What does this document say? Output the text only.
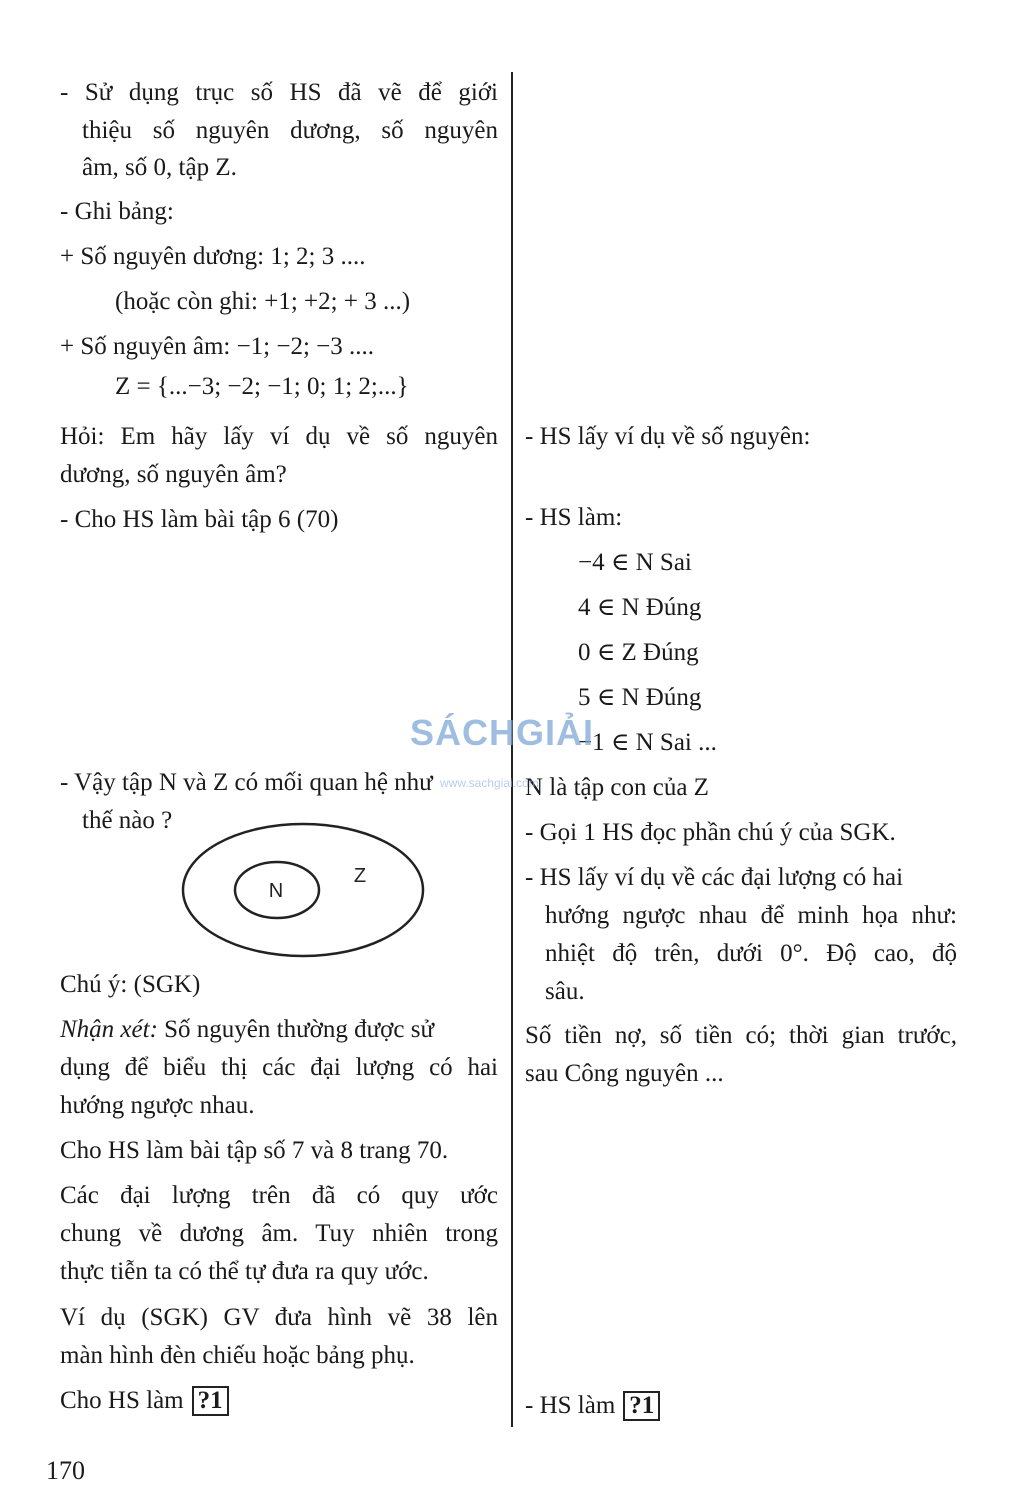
- Sử dụng trục số HS đã vẽ để giới
thiệu số nguyên dương, số nguyên
âm, số 0, tập Z.
- Ghi bảng:
+ Số nguyên dương: 1; 2; 3 ....
(hoặc còn ghi: +1; +2; + 3 ...)
+ Số nguyên âm: −1; −2; −3 ....
Z = {...−3; −2; −1; 0; 1; 2;...}
Hỏi: Em hãy lấy ví dụ về số nguyên
dương, số nguyên âm?
- Cho HS làm bài tập 6 (70)
- Vậy tập N và Z có mối quan hệ như
thế nào ?
N
Z
Chú ý: (SGK)
Nhận xét: Số nguyên thường được sử
dụng để biểu thị các đại lượng có hai
hướng ngược nhau.
Cho HS làm bài tập số 7 và 8 trang 70.
Các đại lượng trên đã có quy ước
chung về dương âm. Tuy nhiên trong
thực tiễn ta có thể tự đưa ra quy ước.
Ví dụ (SGK) GV đưa hình vẽ 38 lên
màn hình đèn chiếu hoặc bảng phụ.
Cho HS làm ?1
- HS lấy ví dụ về số nguyên:
- HS làm:
−4 ∈ N Sai
4 ∈ N Đúng
0 ∈ Z Đúng
5 ∈ N Đúng
−1 ∈ N Sai ...
N là tập con của Z
- Gọi 1 HS đọc phần chú ý của SGK.
- HS lấy ví dụ về các đại lượng có hai
hướng ngược nhau để minh họa như:
nhiệt độ trên, dưới 0°. Độ cao, độ
sâu.
Số tiền nợ, số tiền có; thời gian trước,
sau Công nguyên ...
- HS làm ?1
SÁCHGIẢI
www.sachgiai.com
170
